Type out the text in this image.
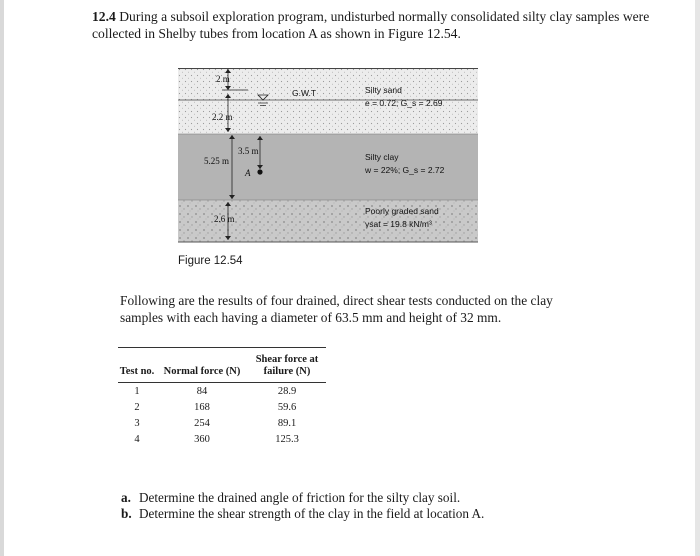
12.4 During a subsoil exploration program, undisturbed normally consolidated silty clay samples were collected in Shelby tubes from location A as shown in Figure 12.54.
2 m
2.2 m
3.5 m
5.25 m
A
2.6 m
G.W.T	Silty sand
e = 0.72; G_s = 2.69
Silty clay
w = 22%; G_s = 2.72
Poorly graded sand
γsat = 19.8 kN/m³
Figure 12.54
Following are the results of four drained, direct shear tests conducted on the clay samples with each having a diameter of 63.5 mm and height of 32 mm.
Test no.	Normal force (N)	Shear force at failure (N)
1	84	28.9
2	168	59.6
3	254	89.1
4	360	125.3
a. Determine the drained angle of friction for the silty clay soil.
b. Determine the shear strength of the clay in the field at location A.
